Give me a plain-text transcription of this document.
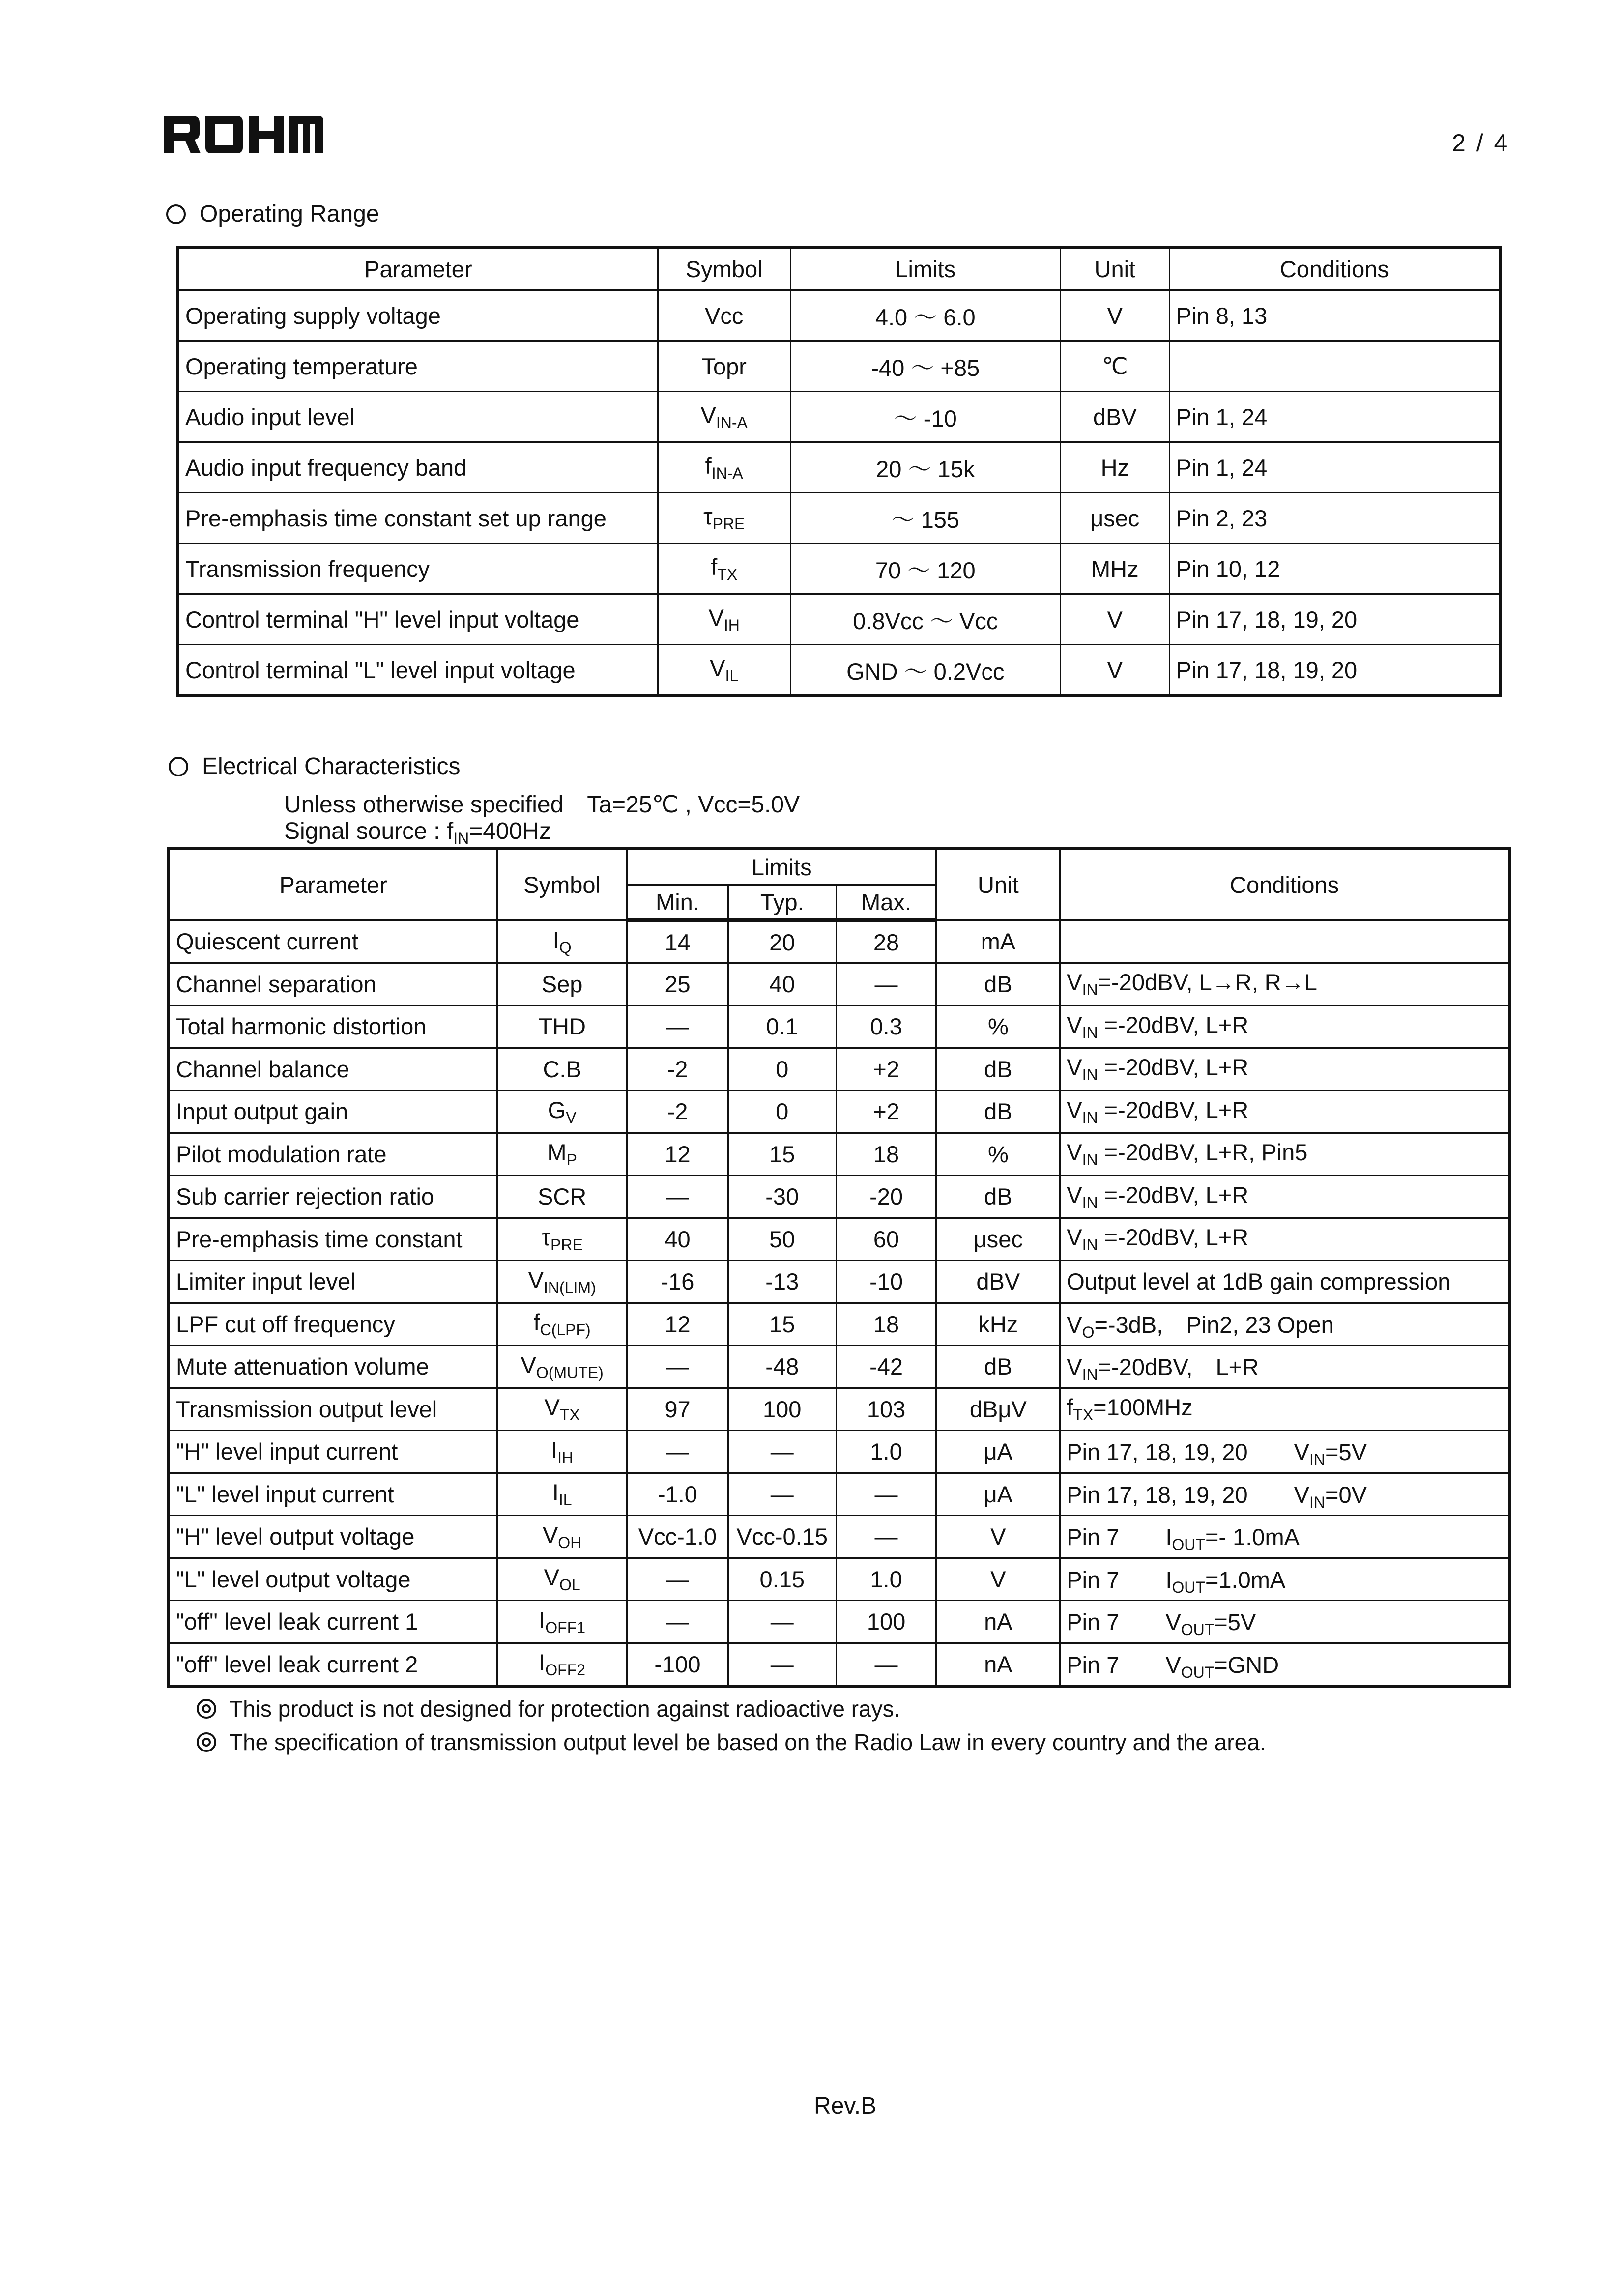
2 / 4
Operating Range
Parameter	Symbol	Limits	Unit	Conditions
Operating supply voltage	Vcc	4.0 ～ 6.0	V	Pin 8, 13
Operating temperature	Topr	-40 ～ +85	℃	
Audio input level	$V_{IN-A}$	～ -10	dBV	Pin 1, 24
Audio input frequency band	$f_{IN-A}$	20 ～ 15k	Hz	Pin 1, 24
Pre-emphasis time constant set up range	$\tau_{PRE}$	～ 155	μsec	Pin 2, 23
Transmission frequency	$f_{TX}$	70 ～ 120	MHz	Pin 10, 12
Control terminal "H" level input voltage	$V_{IH}$	0.8Vcc ～ Vcc	V	Pin 17, 18, 19, 20
Control terminal "L" level input voltage	$V_{IL}$	GND ～ 0.2Vcc	V	Pin 17, 18, 19, 20
Electrical Characteristics
Unless otherwise specified　Ta=25℃ , Vcc=5.0V
Signal source : $f_{IN}=400Hz$
Parameter	Symbol	Limits			Unit	Conditions
		Min.	Typ.	Max.		
Quiescent current	$I_Q$	14	20	28	mA	
Channel separation	Sep	25	40	—	dB	$V_{IN}=-20dBV$, L→R, R→L
Total harmonic distortion	THD	—	0.1	0.3	%	$V_{IN} =-20dBV$, L+R
Channel balance	C.B	-2	0	+2	dB	$V_{IN} =-20dBV$, L+R
Input output gain	$G_V$	-2	0	+2	dB	$V_{IN} =-20dBV$, L+R
Pilot modulation rate	$M_P$	12	15	18	%	$V_{IN} =-20dBV$, L+R, Pin5
Sub carrier rejection ratio	SCR	—	-30	-20	dB	$V_{IN} =-20dBV$, L+R
Pre-emphasis time constant	$\tau_{PRE}$	40	50	60	μsec	$V_{IN} =-20dBV$, L+R
Limiter input level	$V_{IN(LIM)}$	-16	-13	-10	dBV	Output level at 1dB gain compression
LPF cut off frequency	$f_{C(LPF)}$	12	15	18	kHz	$V_O=-3dB$,　Pin2, 23 Open
Mute attenuation volume	$V_{O(MUTE)}$	—	-48	-42	dB	$V_{IN}=-20dBV$,　L+R
Transmission output level	$V_{TX}$	97	100	103	dBμV	$f_{TX}=100MHz$
"H" level input current	$I_{IH}$	—	—	1.0	μA	Pin 17, 18, 19, 20　　$V_{IN}=5V$
"L" level input current	$I_{IL}$	-1.0	—	—	μA	Pin 17, 18, 19, 20　　$V_{IN}=0V$
"H" level output voltage	$V_{OH}$	Vcc-1.0	Vcc-0.15	—	V	Pin 7　　$I_{OUT}=-$ 1.0mA
"L" level output voltage	$V_{OL}$	—	0.15	1.0	V	Pin 7　　$I_{OUT}=1.0mA$
"off" level leak current 1	$I_{OFF1}$	—	—	100	nA	Pin 7　　$V_{OUT}=5V$
"off" level leak current 2	$I_{OFF2}$	-100	—	—	nA	Pin 7　　$V_{OUT}=GND$
This product is not designed for protection against radioactive rays.
The specification of transmission output level be based on the Radio Law in every country and the area.
Rev.B
